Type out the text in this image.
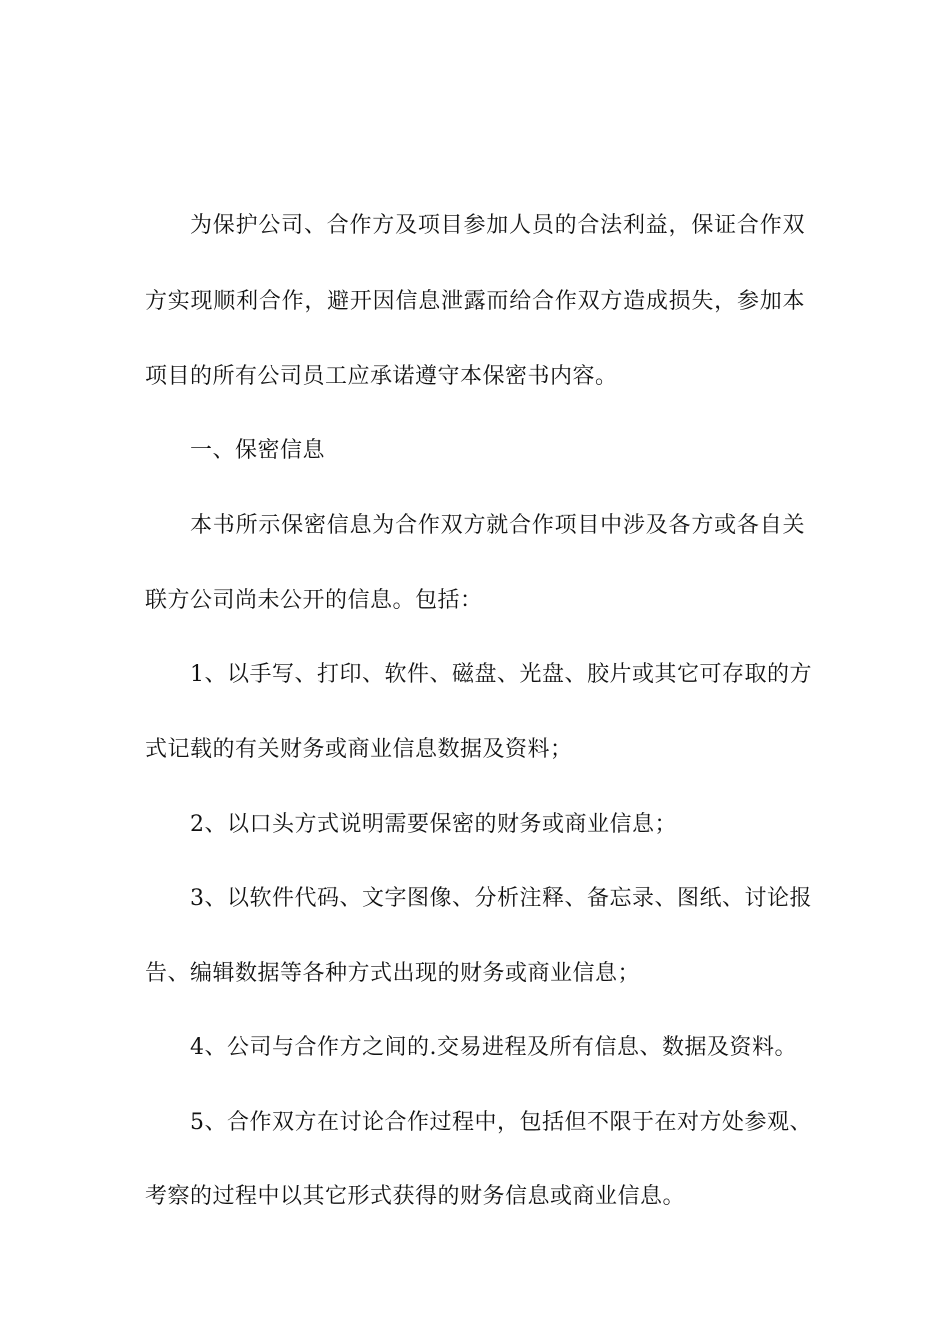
为保护公司、合作方及项目参加人员的合法利益，保证合作双
方实现顺利合作，避开因信息泄露而给合作双方造成损失，参加本
项目的所有公司员工应承诺遵守本保密书内容。
一、保密信息
本书所示保密信息为合作双方就合作项目中涉及各方或各自关
联方公司尚未公开的信息。包括：
1、以手写、打印、软件、磁盘、光盘、胶片或其它可存取的方
式记载的有关财务或商业信息数据及资料；
2、以口头方式说明需要保密的财务或商业信息；
3、以软件代码、文字图像、分析注释、备忘录、图纸、讨论报
告、编辑数据等各种方式出现的财务或商业信息；
4、公司与合作方之间的.交易进程及所有信息、数据及资料。
5、合作双方在讨论合作过程中，包括但不限于在对方处参观、
考察的过程中以其它形式获得的财务信息或商业信息。
